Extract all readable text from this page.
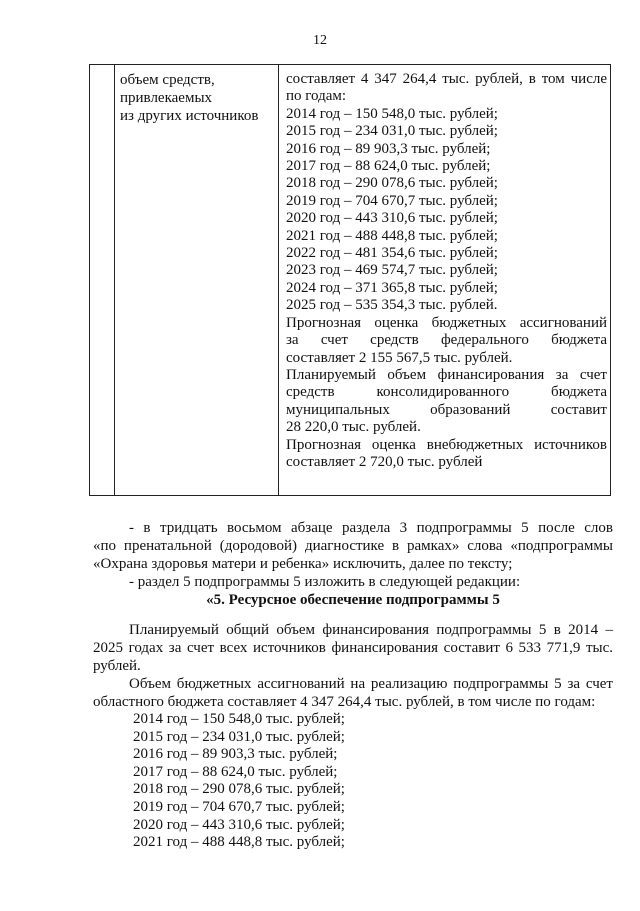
12
объем средств,
привлекаемых
из других источников
составляет 4 347 264,4 тыс. рублей, в том числе
по годам:
2014 год – 150 548,0 тыс. рублей;
2015 год – 234 031,0 тыс. рублей;
2016 год – 89 903,3 тыс. рублей;
2017 год – 88 624,0 тыс. рублей;
2018 год – 290 078,6 тыс. рублей;
2019 год – 704 670,7 тыс. рублей;
2020 год – 443 310,6 тыс. рублей;
2021 год – 488 448,8 тыс. рублей;
2022 год – 481 354,6 тыс. рублей;
2023 год – 469 574,7 тыс. рублей;
2024 год – 371 365,8 тыс. рублей;
2025 год – 535 354,3 тыс. рублей.
Прогнозная оценка бюджетных ассигнований
за счет средств федерального бюджета
составляет 2 155 567,5 тыс. рублей.
Планируемый объем финансирования за счет
средств консолидированного бюджета
муниципальных образований составит
28 220,0 тыс. рублей.
Прогнозная оценка внебюджетных источников
составляет 2 720,0 тыс. рублей
- в тридцать восьмом абзаце раздела 3 подпрограммы 5 после слов
«по пренатальной (дородовой) диагностике в рамках» слова «подпрограммы
«Охрана здоровья матери и ребенка» исключить, далее по тексту;
- раздел 5 подпрограммы 5 изложить в следующей редакции:
«5. Ресурсное обеспечение подпрограммы 5
Планируемый общий объем финансирования подпрограммы 5 в 2014 –
2025 годах за счет всех источников финансирования составит 6 533 771,9 тыс.
рублей.
Объем бюджетных ассигнований на реализацию подпрограммы 5 за счет
областного бюджета составляет 4 347 264,4 тыс. рублей, в том числе по годам:
2014 год – 150 548,0 тыс. рублей;
2015 год – 234 031,0 тыс. рублей;
2016 год – 89 903,3 тыс. рублей;
2017 год – 88 624,0 тыс. рублей;
2018 год – 290 078,6 тыс. рублей;
2019 год – 704 670,7 тыс. рублей;
2020 год – 443 310,6 тыс. рублей;
2021 год – 488 448,8 тыс. рублей;
